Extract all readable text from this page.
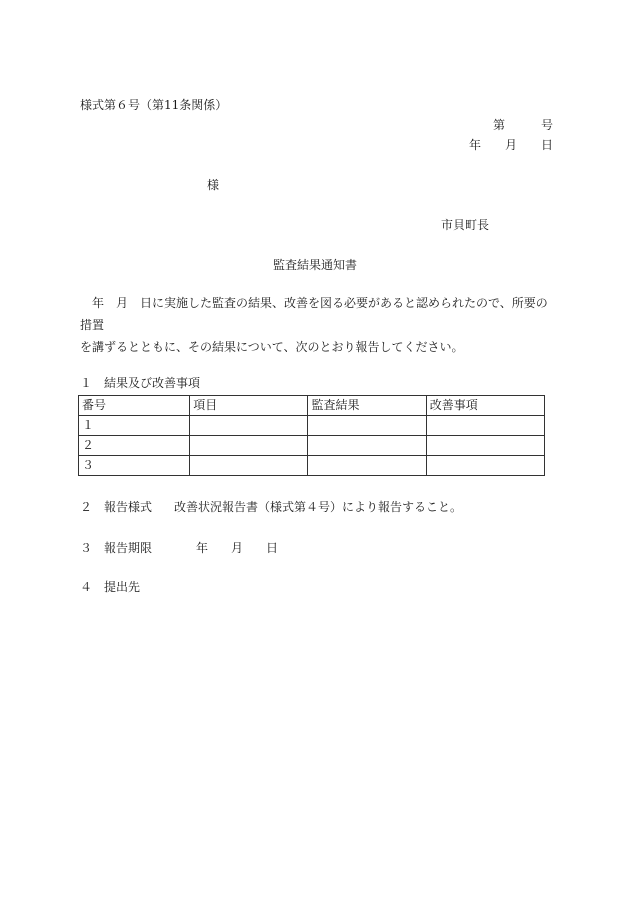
様式第６号（第11条関係）
第	号
年 月 日
様
市貝町長
監査結果通知書

年 月 日に実施した監査の結果、改善を図る必要があると認められたので、所要の措置

を講ずるとともに、その結果について、次のとおり報告してください。

１ 結果及び改善事項
番号	項目	監査結果	改善事項
１			
２			
３			
２ 報告様式 改善状況報告書（様式第４号）により報告すること。
３ 報告期限	年 月 日
４ 提出先
